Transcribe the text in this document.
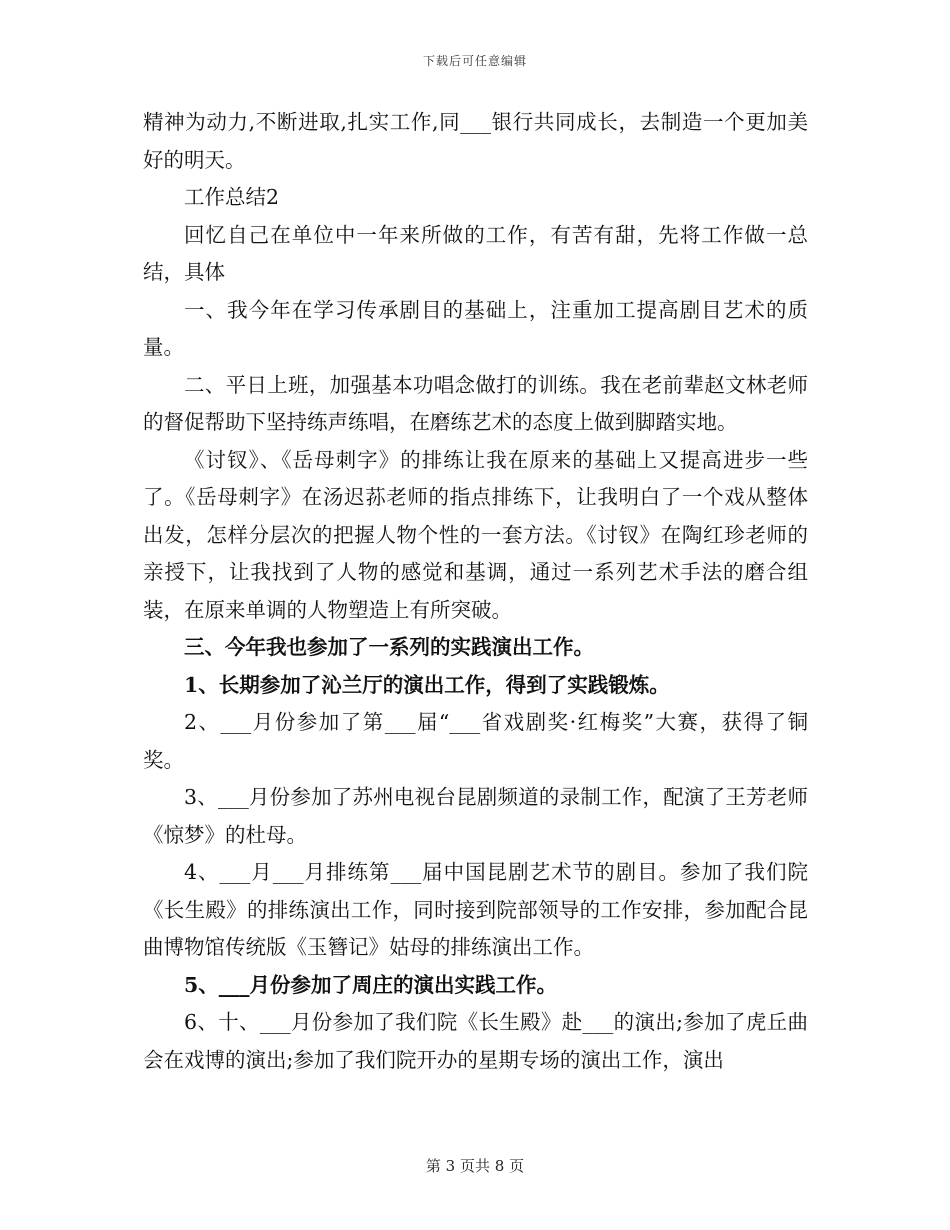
下载后可任意编辑

精神为动力,不断进取,扎实工作,同___银行共同成长，去制造一个更加美好的明天。

工作总结2

回忆自己在单位中一年来所做的工作，有苦有甜，先将工作做一总结，具体

一、我今年在学习传承剧目的基础上，注重加工提高剧目艺术的质量。

二、平日上班，加强基本功唱念做打的训练。我在老前辈赵文林老师的督促帮助下坚持练声练唱，在磨练艺术的态度上做到脚踏实地。

《讨钗》、《岳母刺字》的排练让我在原来的基础上又提高进步一些了。《岳母刺字》在汤迟荪老师的指点排练下，让我明白了一个戏从整体出发，怎样分层次的把握人物个性的一套方法。《讨钗》在陶红珍老师的亲授下，让我找到了人物的感觉和基调，通过一系列艺术手法的磨合组装，在原来单调的人物塑造上有所突破。

三、今年我也参加了一系列的实践演出工作。

1、长期参加了沁兰厅的演出工作，得到了实践锻炼。

2、___月份参加了第___届“___省戏剧奖·红梅奖”大赛，获得了铜奖。

3、___月份参加了苏州电视台昆剧频道的录制工作，配演了王芳老师《惊梦》的杜母。

4、___月___月排练第___届中国昆剧艺术节的剧目。参加了我们院《长生殿》的排练演出工作，同时接到院部领导的工作安排，参加配合昆曲博物馆传统版《玉簪记》姑母的排练演出工作。

5、___月份参加了周庄的演出实践工作。

6、十、___月份参加了我们院《长生殿》赴___的演出;参加了虎丘曲会在戏博的演出;参加了我们院开办的星期专场的演出工作，演出

第 3 页共 8 页
